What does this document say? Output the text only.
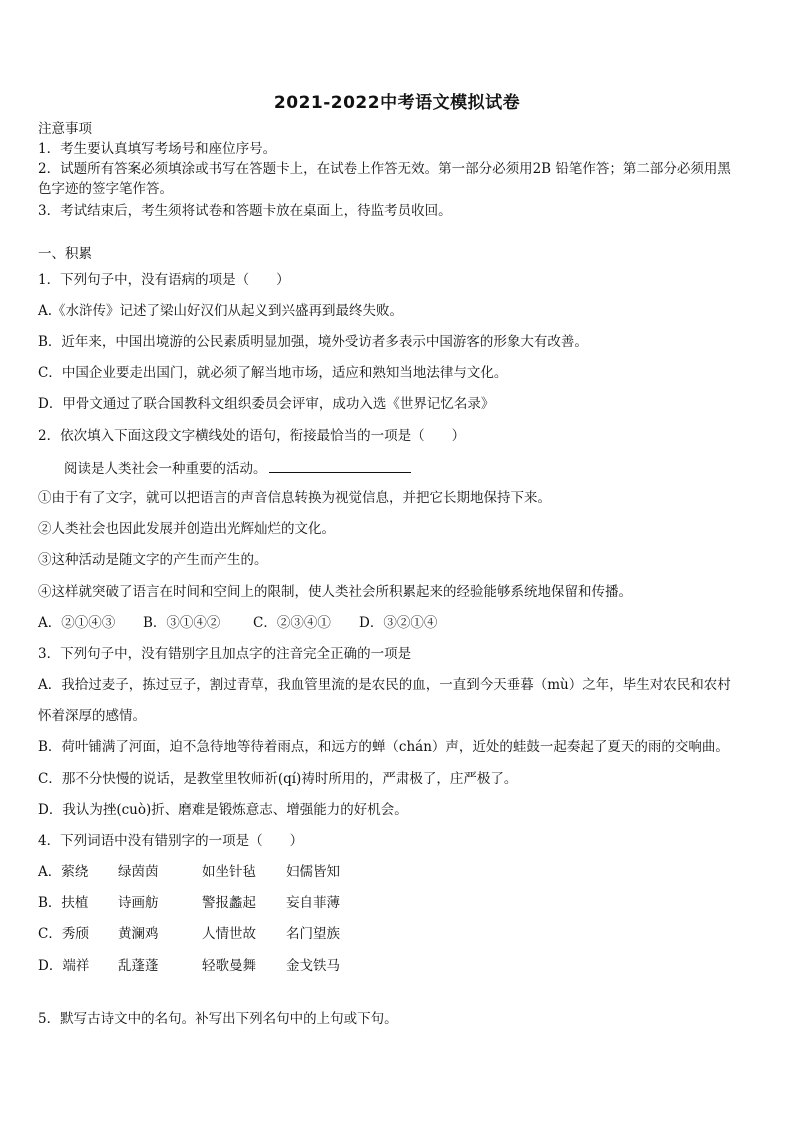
2021-2022中考语文模拟试卷
注意事项
1．考生要认真填写考场号和座位序号。
2．试题所有答案必须填涂或书写在答题卡上，在试卷上作答无效。第一部分必须用2B 铅笔作答；第二部分必须用黑
色字迹的签字笔作答。
3．考试结束后，考生须将试卷和答题卡放在桌面上，待监考员收回。
一、积累
1．下列句子中，没有语病的项是（　　）
A.《水浒传》记述了梁山好汉们从起义到兴盛再到最终失败。
B．近年来，中国出境游的公民素质明显加强，境外受访者多表示中国游客的形象大有改善。
C．中国企业要走出国门，就必须了解当地市场，适应和熟知当地法律与文化。
D．甲骨文通过了联合国教科文组织委员会评审，成功入选《世界记忆名录》
2．依次填入下面这段文字横线处的语句，衔接最恰当的一项是（　　）
阅读是人类社会一种重要的活动。
①由于有了文字，就可以把语言的声音信息转换为视觉信息，并把它长期地保持下来。
②人类社会也因此发展并创造出光辉灿烂的文化。
③这种活动是随文字的产生而产生的。
④这样就突破了语言在时间和空间上的限制，使人类社会所积累起来的经验能够系统地保留和传播。
A．②①④③ B．③①④② C．②③④① D．③②①④
3．下列句子中，没有错别字且加点字的注音完全正确的一项是
A．我拾过麦子，拣过豆子，割过青草，我血管里流的是农民的血，一直到今天垂暮（mù）之年，毕生对农民和农村
怀着深厚的感情。
B．荷叶铺满了河面，迫不急待地等待着雨点，和远方的蝉（chán）声，近处的蛙鼓一起奏起了夏天的雨的交响曲。
C．那不分快慢的说话，是教堂里牧师祈(qí)祷时所用的，严肃极了，庄严极了。
D．我认为挫(cuò)折、磨难是锻炼意志、增强能力的好机会。
4．下列词语中没有错别字的一项是（　　）
A．萦绕 绿茵茵	如坐针毡 妇儒皆知
B．扶植 诗画舫	警报蠡起 妄自菲薄
C．秀颀 黄澜鸡	人情世故 名门望族
D．端祥 乱蓬蓬	轻歌曼舞 金戈铁马
5．默写古诗文中的名句。补写出下列名句中的上句或下句。
